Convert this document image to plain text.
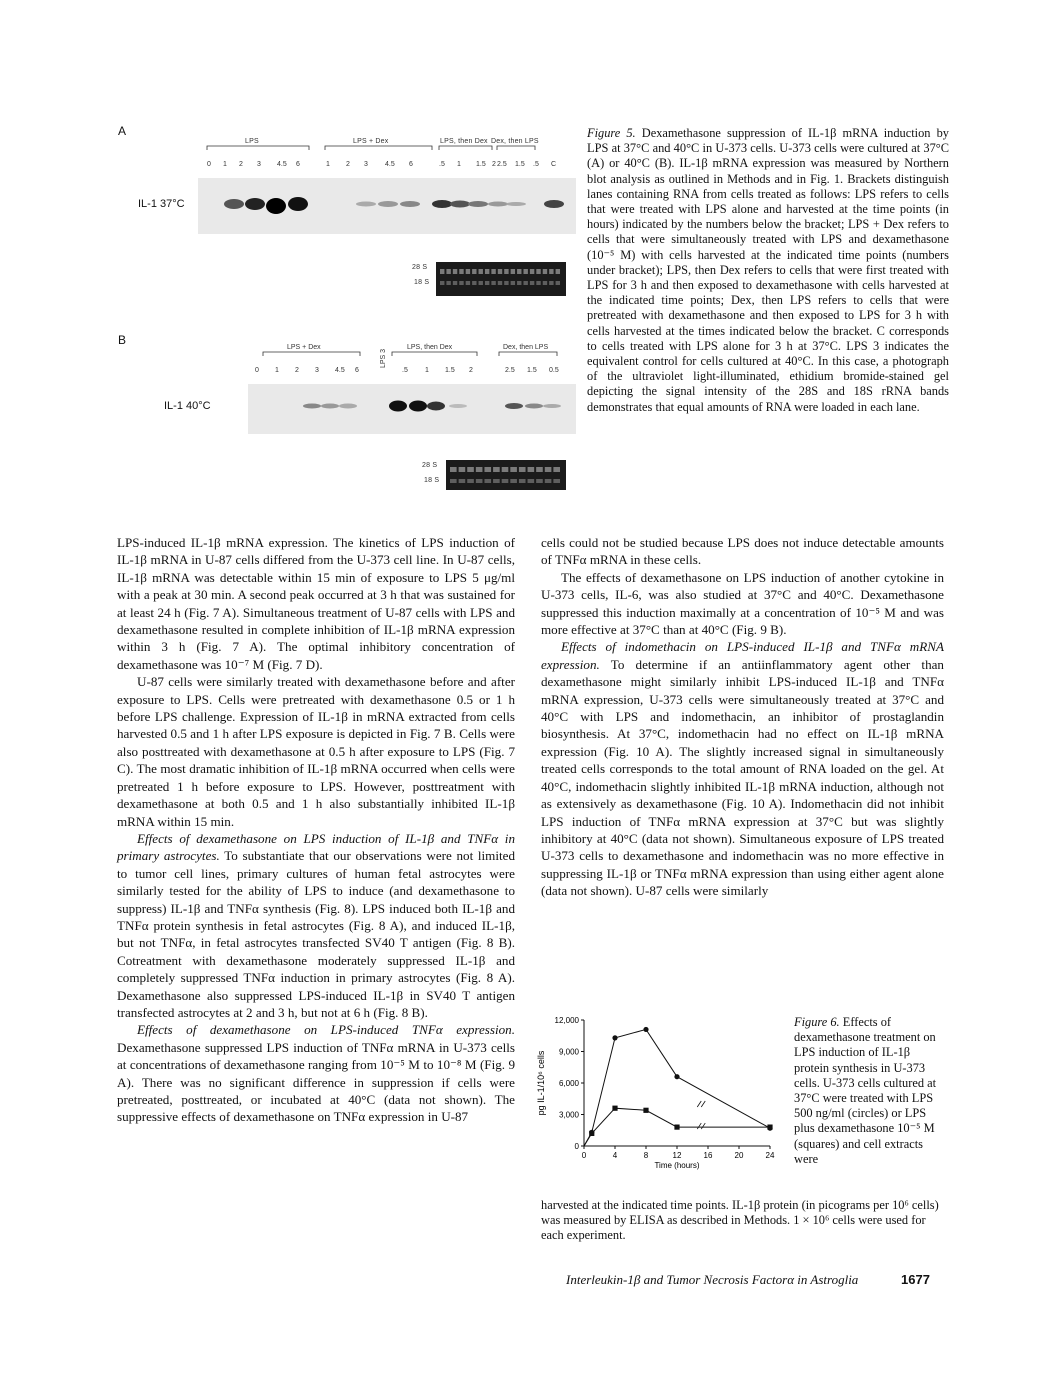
A
LPS	LPS + Dex	LPS, then Dex Dex, then LPS
0 1 2 3 4.5 6	1 2 3 4.5 6	.5 1 1.5 2 2.5 1.5 .5 C
IL-1 37°C
28 S
18 S
B
LPS + Dex
LPS 3
LPS, then Dex	Dex, then LPS
0 1 2 3 4.5 6	.5 1 1.5 2	2.5 1.5 0.5
IL-1 40°C
28 S
18 S
Figure 5. Dexamethasone suppression of IL-1β mRNA induction by LPS at 37°C and 40°C in U-373 cells. U-373 cells were cultured at 37°C (A) or 40°C (B). IL-1β mRNA expression was measured by Northern blot analysis as outlined in Methods and in Fig. 1. Brackets distinguish lanes containing RNA from cells treated as follows: LPS refers to cells that were treated with LPS alone and harvested at the time points (in hours) indicated by the numbers below the bracket; LPS + Dex refers to cells that were simultaneously treated with LPS and dexamethasone (10⁻⁵ M) with cells harvested at the indicated time points (numbers under bracket); LPS, then Dex refers to cells that were first treated with LPS for 3 h and then exposed to dexamethasone with cells harvested at the indicated time points; Dex, then LPS refers to cells that were pretreated with dexamethasone and then exposed to LPS for 3 h with cells harvested at the times indicated below the bracket. C corresponds to cells treated with LPS alone for 3 h at 37°C. LPS 3 indicates the equivalent control for cells cultured at 40°C. In this case, a photograph of the ultraviolet light-illuminated, ethidium bromide-stained gel depicting the signal intensity of the 28S and 18S rRNA bands demonstrates that equal amounts of RNA were loaded in each lane.

LPS-induced IL-1β mRNA expression. The kinetics of LPS induction of IL-1β mRNA in U-87 cells differed from the U-373 cell line. In U-87 cells, IL-1β mRNA was detectable within 15 min of exposure to LPS 5 μg/ml with a peak at 30 min. A second peak occurred at 3 h that was sustained for at least 24 h (Fig. 7 A). Simultaneous treatment of U-87 cells with LPS and dexamethasone resulted in complete inhibition of IL-1β mRNA expression within 3 h (Fig. 7 A). The optimal inhibitory concentration of dexamethasone was 10⁻⁷ M (Fig. 7 D).

U-87 cells were similarly treated with dexamethasone before and after exposure to LPS. Cells were pretreated with dexamethasone 0.5 or 1 h before LPS challenge. Expression of IL-1β in mRNA extracted from cells harvested 0.5 and 1 h after LPS exposure is depicted in Fig. 7 B. Cells were also posttreated with dexamethasone at 0.5 h after exposure to LPS (Fig. 7 C). The most dramatic inhibition of IL-1β mRNA occurred when cells were pretreated 1 h before exposure to LPS. However, posttreatment with dexamethasone at both 0.5 and 1 h also substantially inhibited IL-1β mRNA within 15 min.

Effects of dexamethasone on LPS induction of IL-1β and TNFα in primary astrocytes. To substantiate that our observations were not limited to tumor cell lines, primary cultures of human fetal astrocytes were similarly tested for the ability of LPS to induce (and dexamethasone to suppress) IL-1β and TNFα synthesis (Fig. 8). LPS induced both IL-1β and TNFα protein synthesis in fetal astrocytes (Fig. 8 A), and induced IL-1β, but not TNFα, in fetal astrocytes transfected SV40 T antigen (Fig. 8 B). Cotreatment with dexamethasone moderately suppressed IL-1β and completely suppressed TNFα induction in primary astrocytes (Fig. 8 A). Dexamethasone also suppressed LPS-induced IL-1β in SV40 T antigen transfected astrocytes at 2 and 3 h, but not at 6 h (Fig. 8 B).

Effects of dexamethasone on LPS-induced TNFα expression. Dexamethasone suppressed LPS induction of TNFα mRNA in U-373 cells at concentrations of dexamethasone ranging from 10⁻⁵ M to 10⁻⁸ M (Fig. 9 A). There was no significant difference in suppression if cells were pretreated, posttreated, or incubated at 40°C (data not shown). The suppressive effects of dexamethasone on TNFα expression in U-87

cells could not be studied because LPS does not induce detectable amounts of TNFα mRNA in these cells.

The effects of dexamethasone on LPS induction of another cytokine in U-373 cells, IL-6, was also studied at 37°C and 40°C. Dexamethasone suppressed this induction maximally at a concentration of 10⁻⁵ M and was more effective at 37°C than at 40°C (Fig. 9 B).

Effects of indomethacin on LPS-induced IL-1β and TNFα mRNA expression. To determine if an antiinflammatory agent other than dexamethasone might similarly inhibit LPS-induced IL-1β and TNFα mRNA expression, U-373 cells were simultaneously treated at 37°C and 40°C with LPS and indomethacin, an inhibitor of prostaglandin biosynthesis. At 37°C, indomethacin had no effect on IL-1β mRNA expression (Fig. 10 A). The slightly increased signal in simultaneously treated cells corresponds to the total amount of RNA loaded on the gel. At 40°C, indomethacin slightly inhibited IL-1β mRNA induction, although not as extensively as dexamethasone (Fig. 10 A). Indomethacin did not inhibit LPS induction of TNFα mRNA expression at 37°C but was slightly inhibitory at 40°C (data not shown). Simultaneous exposure of LPS treated U-373 cells to dexamethasone and indomethacin was no more effective in suppressing IL-1β or TNFα mRNA expression than using either agent alone (data not shown). U-87 cells were similarly

0
3,000
6,000
9,000
12,000
0	4	8	12	16	20	24
Time (hours)
pg IL-1/10⁶ cells
Figure 6. Effects of dexamethasone treatment on LPS induction of IL-1β protein synthesis in U-373 cells. U-373 cells cultured at 37°C were treated with LPS 500 ng/ml (circles) or LPS plus dexamethasone 10⁻⁵ M (squares) and cell extracts were
harvested at the indicated time points. IL-1β protein (in picograms per 10⁶ cells) was measured by ELISA as described in Methods. 1 × 10⁶ cells were used for each experiment.
Interleukin-1β and Tumor Necrosis Factorα in Astroglia	1677
